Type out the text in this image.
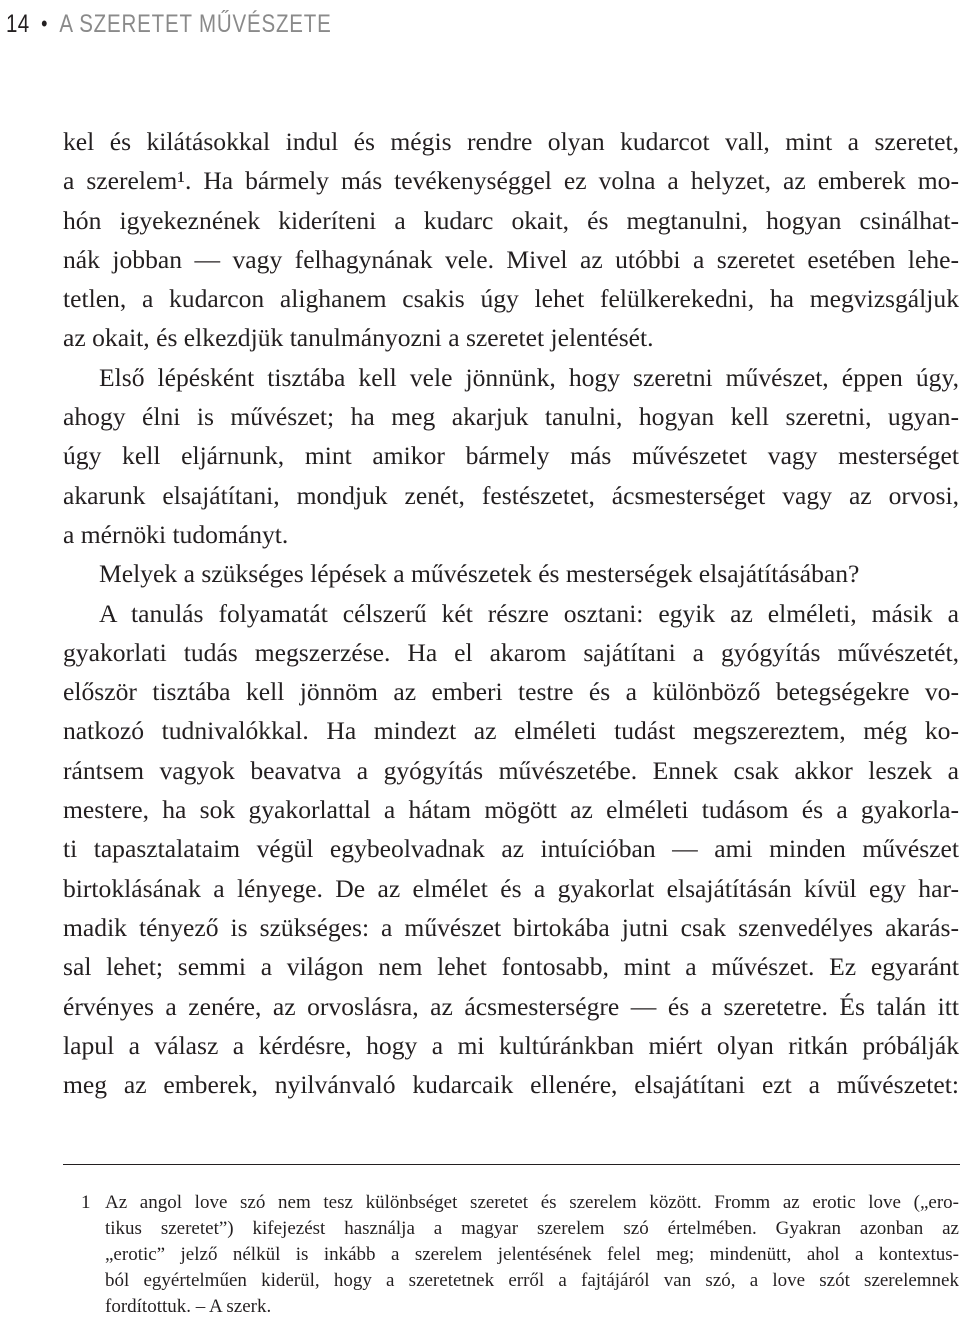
14 • A SZERETET MŰVÉSZETE
kel és kilátásokkal indul és mégis rendre olyan kudarcot vall, mint a szeretet,
a szerelem¹. Ha bármely más tevékenységgel ez volna a helyzet, az emberek mo-
hón igyekeznének kideríteni a kudarc okait, és megtanulni, hogyan csinálhat-
nák jobban — vagy felhagynának vele. Mivel az utóbbi a szeretet esetében lehe-
tetlen, a kudarcon alighanem csakis úgy lehet felülkerekedni, ha megvizsgáljuk
az okait, és elkezdjük tanulmányozni a szeretet jelentését.
Első lépésként tisztába kell vele jönnünk, hogy szeretni művészet, éppen úgy,
ahogy élni is művészet; ha meg akarjuk tanulni, hogyan kell szeretni, ugyan-
úgy kell eljárnunk, mint amikor bármely más művészetet vagy mesterséget
akarunk elsajátítani, mondjuk zenét, festészetet, ácsmesterséget vagy az orvosi,
a mérnöki tudományt.
Melyek a szükséges lépések a művészetek és mesterségek elsajátításában?
A tanulás folyamatát célszerű két részre osztani: egyik az elméleti, másik a
gyakorlati tudás megszerzése. Ha el akarom sajátítani a gyógyítás művészetét,
először tisztába kell jönnöm az emberi testre és a különböző betegségekre vo-
natkozó tudnivalókkal. Ha mindezt az elméleti tudást megszereztem, még ko-
rántsem vagyok beavatva a gyógyítás művészetébe. Ennek csak akkor leszek a
mestere, ha sok gyakorlattal a hátam mögött az elméleti tudásom és a gyakorla-
ti tapasztalataim végül egybeolvadnak az intuícióban — ami minden művészet
birtoklásának a lényege. De az elmélet és a gyakorlat elsajátításán kívül egy har-
madik tényező is szükséges: a művészet birtokába jutni csak szenvedélyes akarás-
sal lehet; semmi a világon nem lehet fontosabb, mint a művészet. Ez egyaránt
érvényes a zenére, az orvoslásra, az ácsmesterségre — és a szeretetre. És talán itt
lapul a válasz a kérdésre, hogy a mi kultúránkban miért olyan ritkán próbálják
meg az emberek, nyilvánvaló kudarcaik ellenére, elsajátítani ezt a művészetet:
1 Az angol love szó nem tesz különbséget szeretet és szerelem között. Fromm az erotic love („ero-
tikus szeretet”) kifejezést használja a magyar szerelem szó értelmében. Gyakran azonban az
„erotic” jelző nélkül is inkább a szerelem jelentésének felel meg; mindenütt, ahol a kontextus-
ból egyértelműen kiderül, hogy a szeretetnek erről a fajtájáról van szó, a love szót szerelemnek
fordítottuk. – A szerk.
